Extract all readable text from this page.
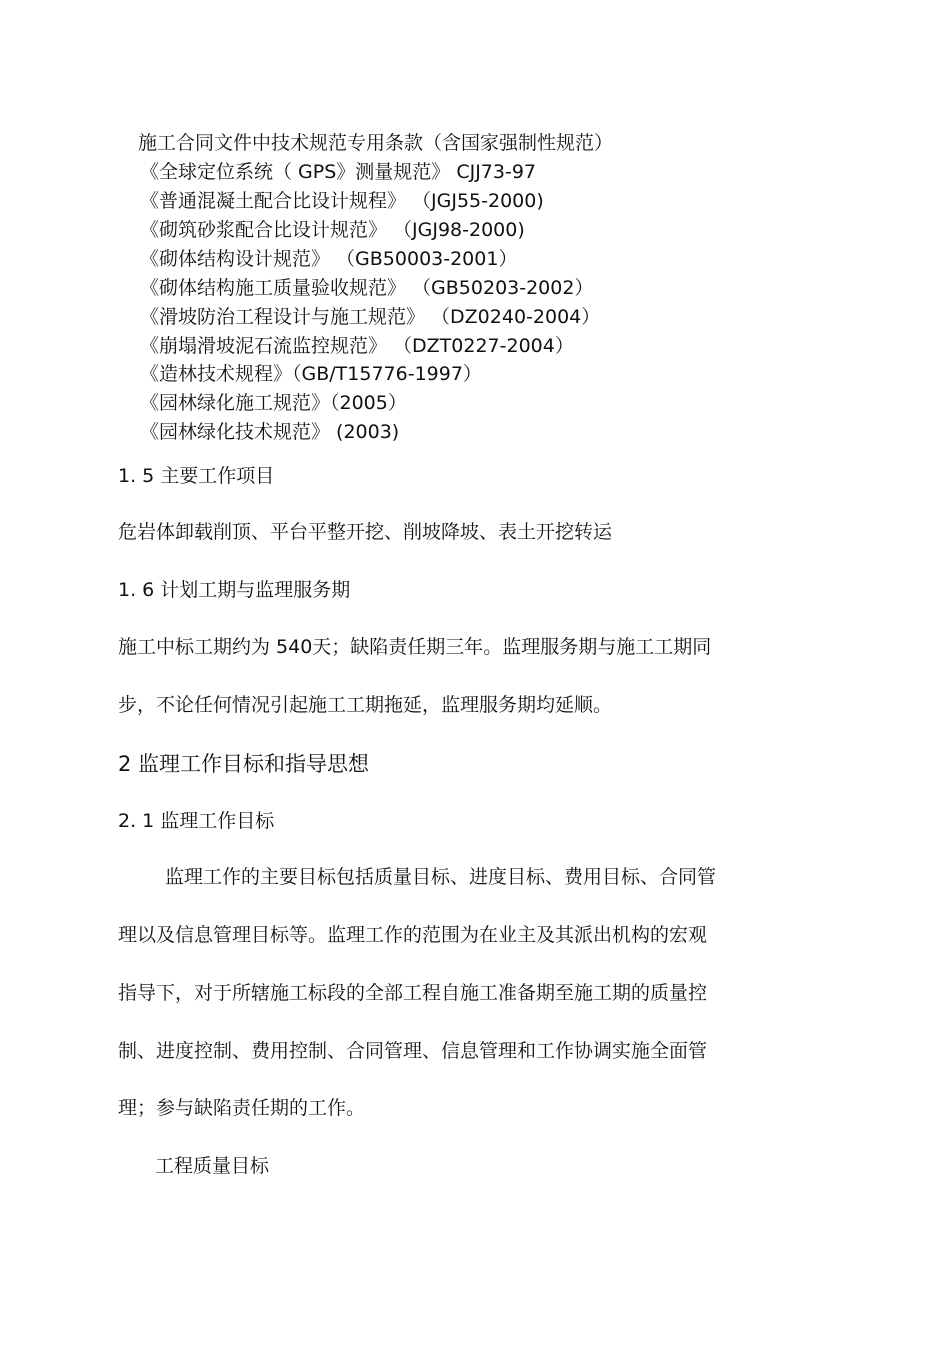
施工合同文件中技术规范专用条款（含国家强制性规范）
《全球定位系统（ GPS》测量规范》 CJJ73-97
《普通混凝土配合比设计规程》 （JGJ55-2000)
《砌筑砂浆配合比设计规范》 （JGJ98-2000)
《砌体结构设计规范》 （GB50003-2001）
《砌体结构施工质量验收规范》 （GB50203-2002）
《滑坡防治工程设计与施工规范》 （DZ0240-2004）
《崩塌滑坡泥石流监控规范》 （DZT0227-2004）
《造林技术规程》（GB/T15776-1997）
《园林绿化施工规范》（2005）
《园林绿化技术规范》 (2003)
1. 5 主要工作项目
危岩体卸载削顶、平台平整开挖、削坡降坡、表土开挖转运
1. 6 计划工期与监理服务期
施工中标工期约为 540天；缺陷责任期三年。监理服务期与施工工期同
步，不论任何情况引起施工工期拖延，监理服务期均延顺。
2 监理工作目标和指导思想
2. 1 监理工作目标
监理工作的主要目标包括质量目标、进度目标、费用目标、合同管
理以及信息管理目标等。监理工作的范围为在业主及其派出机构的宏观
指导下，对于所辖施工标段的全部工程自施工准备期至施工期的质量控
制、进度控制、费用控制、合同管理、信息管理和工作协调实施全面管
理；参与缺陷责任期的工作。
工程质量目标
